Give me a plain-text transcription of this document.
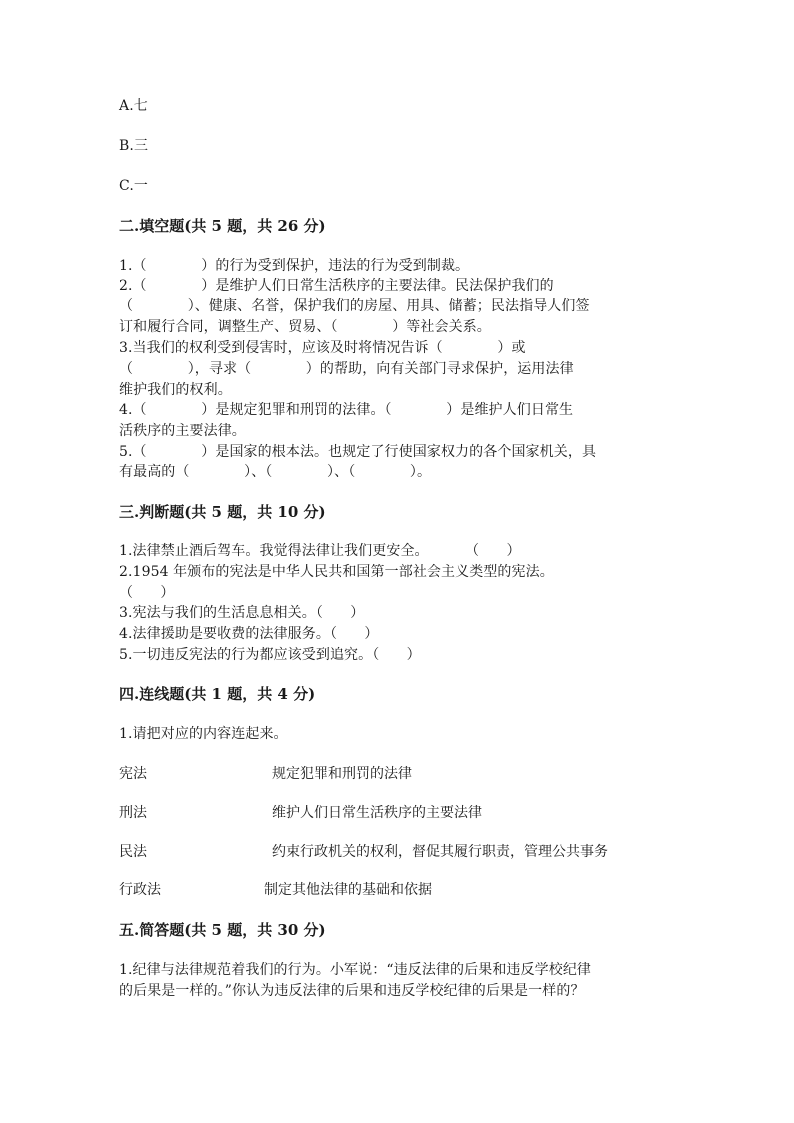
A.七
B.三
C.一
二.填空题(共 5 题，共 26 分)
1.（            ）的行为受到保护，违法的行为受到制裁。
2.（            ）是维护人们日常生活秩序的主要法律。民法保护我们的
（            ）、健康、名誉，保护我们的房屋、用具、储蓄；民法指导人们签
订和履行合同，调整生产、贸易、（            ）等社会关系。
3.当我们的权利受到侵害时，应该及时将情况告诉（            ）或
（            ），寻求（            ）的帮助，向有关部门寻求保护，运用法律
维护我们的权利。
4.（            ）是规定犯罪和刑罚的法律。（            ）是维护人们日常生
活秩序的主要法律。
5.（            ）是国家的根本法。也规定了行使国家权力的各个国家机关，具
有最高的（            ）、（            ）、（            ）。
三.判断题(共 5 题，共 10 分)
1.法律禁止酒后驾车。我觉得法律让我们更安全。        （      ）
2.1954 年颁布的宪法是中华人民共和国第一部社会主义类型的宪法。
（      ）
3.宪法与我们的生活息息相关。（      ）
4.法律援助是要收费的法律服务。（      ）
5.一切违反宪法的行为都应该受到追究。（      ）
四.连线题(共 1 题，共 4 分)
1.请把对应的内容连起来。
宪法	规定犯罪和刑罚的法律
刑法	维护人们日常生活秩序的主要法律
民法	约束行政机关的权利，督促其履行职责，管理公共事务
行政法	制定其他法律的基础和依据
五.简答题(共 5 题，共 30 分)
1.纪律与法律规范着我们的行为。小军说：“违反法律的后果和违反学校纪律
的后果是一样的。”你认为违反法律的后果和违反学校纪律的后果是一样的？
